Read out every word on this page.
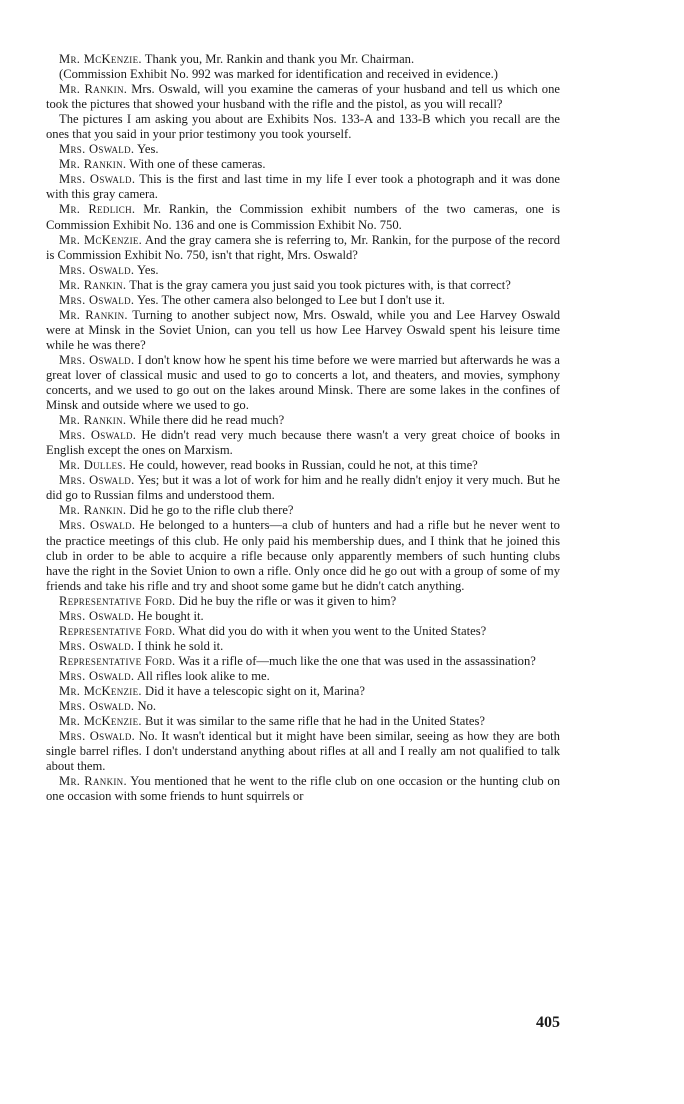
Mr. McKenzie. Thank you, Mr. Rankin and thank you Mr. Chairman.

(Commission Exhibit No. 992 was marked for identification and received in evidence.)

Mr. Rankin. Mrs. Oswald, will you examine the cameras of your husband and tell us which one took the pictures that showed your husband with the rifle and the pistol, as you will recall?

The pictures I am asking you about are Exhibits Nos. 133-A and 133-B which you recall are the ones that you said in your prior testimony you took yourself.

Mrs. Oswald. Yes.

Mr. Rankin. With one of these cameras.

Mrs. Oswald. This is the first and last time in my life I ever took a photograph and it was done with this gray camera.

Mr. Redlich. Mr. Rankin, the Commission exhibit numbers of the two cameras, one is Commission Exhibit No. 136 and one is Commission Exhibit No. 750.

Mr. McKenzie. And the gray camera she is referring to, Mr. Rankin, for the purpose of the record is Commission Exhibit No. 750, isn't that right, Mrs. Oswald?

Mrs. Oswald. Yes.

Mr. Rankin. That is the gray camera you just said you took pictures with, is that correct?

Mrs. Oswald. Yes. The other camera also belonged to Lee but I don't use it.

Mr. Rankin. Turning to another subject now, Mrs. Oswald, while you and Lee Harvey Oswald were at Minsk in the Soviet Union, can you tell us how Lee Harvey Oswald spent his leisure time while he was there?

Mrs. Oswald. I don't know how he spent his time before we were married but afterwards he was a great lover of classical music and used to go to concerts a lot, and theaters, and movies, symphony concerts, and we used to go out on the lakes around Minsk. There are some lakes in the confines of Minsk and outside where we used to go.

Mr. Rankin. While there did he read much?

Mrs. Oswald. He didn't read very much because there wasn't a very great choice of books in English except the ones on Marxism.

Mr. Dulles. He could, however, read books in Russian, could he not, at this time?

Mrs. Oswald. Yes; but it was a lot of work for him and he really didn't enjoy it very much. But he did go to Russian films and understood them.

Mr. Rankin. Did he go to the rifle club there?

Mrs. Oswald. He belonged to a hunters—a club of hunters and had a rifle but he never went to the practice meetings of this club. He only paid his membership dues, and I think that he joined this club in order to be able to acquire a rifle because only apparently members of such hunting clubs have the right in the Soviet Union to own a rifle. Only once did he go out with a group of some of my friends and take his rifle and try and shoot some game but he didn't catch anything.

Representative Ford. Did he buy the rifle or was it given to him?

Mrs. Oswald. He bought it.

Representative Ford. What did you do with it when you went to the United States?

Mrs. Oswald. I think he sold it.

Representative Ford. Was it a rifle of—much like the one that was used in the assassination?

Mrs. Oswald. All rifles look alike to me.

Mr. McKenzie. Did it have a telescopic sight on it, Marina?

Mrs. Oswald. No.

Mr. McKenzie. But it was similar to the same rifle that he had in the United States?

Mrs. Oswald. No. It wasn't identical but it might have been similar, seeing as how they are both single barrel rifles. I don't understand anything about rifles at all and I really am not qualified to talk about them.

Mr. Rankin. You mentioned that he went to the rifle club on one occasion or the hunting club on one occasion with some friends to hunt squirrels or

405
